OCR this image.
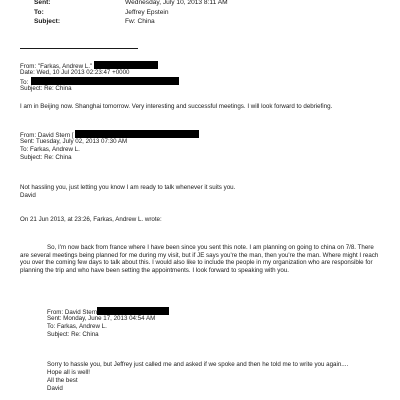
Sent:	Wednesday, July 10, 2013 8:11 AM
To:	Jeffrey Epstein
Subject:	Fw: China
From: "Farkas, Andrew L."
Date: Wed, 10 Jul 2013 02:23:47 +0000
To:
Subject: Re: China
I am in Beijing now. Shanghai tomorrow. Very interesting and successful meetings. I will look forward to debriefing.
From: David Stern [
Sent: Tuesday, July 02, 2013 07:30 AM
To: Farkas, Andrew L.
Subject: Re: China
Not hassling you, just letting you know I am ready to talk whenever it suits you.
David
On 21 Jun 2013, at 23:26, Farkas, Andrew L. wrote:
So, I'm now back from france where I have been since you sent this note. I am planning on going to china on 7/8. There are several meetings being planned for me during my visit, but if JE says you're the man, then you're the man. Where might I reach you over the coming few days to talk about this. I would also like to include the people in my organization who are responsible for planning the trip and who have been setting the appointments. I look forward to speaking with you.
From: David Stern
Sent: Monday, June 17, 2013 04:54 AM
To: Farkas, Andrew L.
Subject: Re: China
Sorry to hassle you, but Jeffrey just called me and asked if we spoke and then he told me to write you again....
Hope all is well!
All the best
David
